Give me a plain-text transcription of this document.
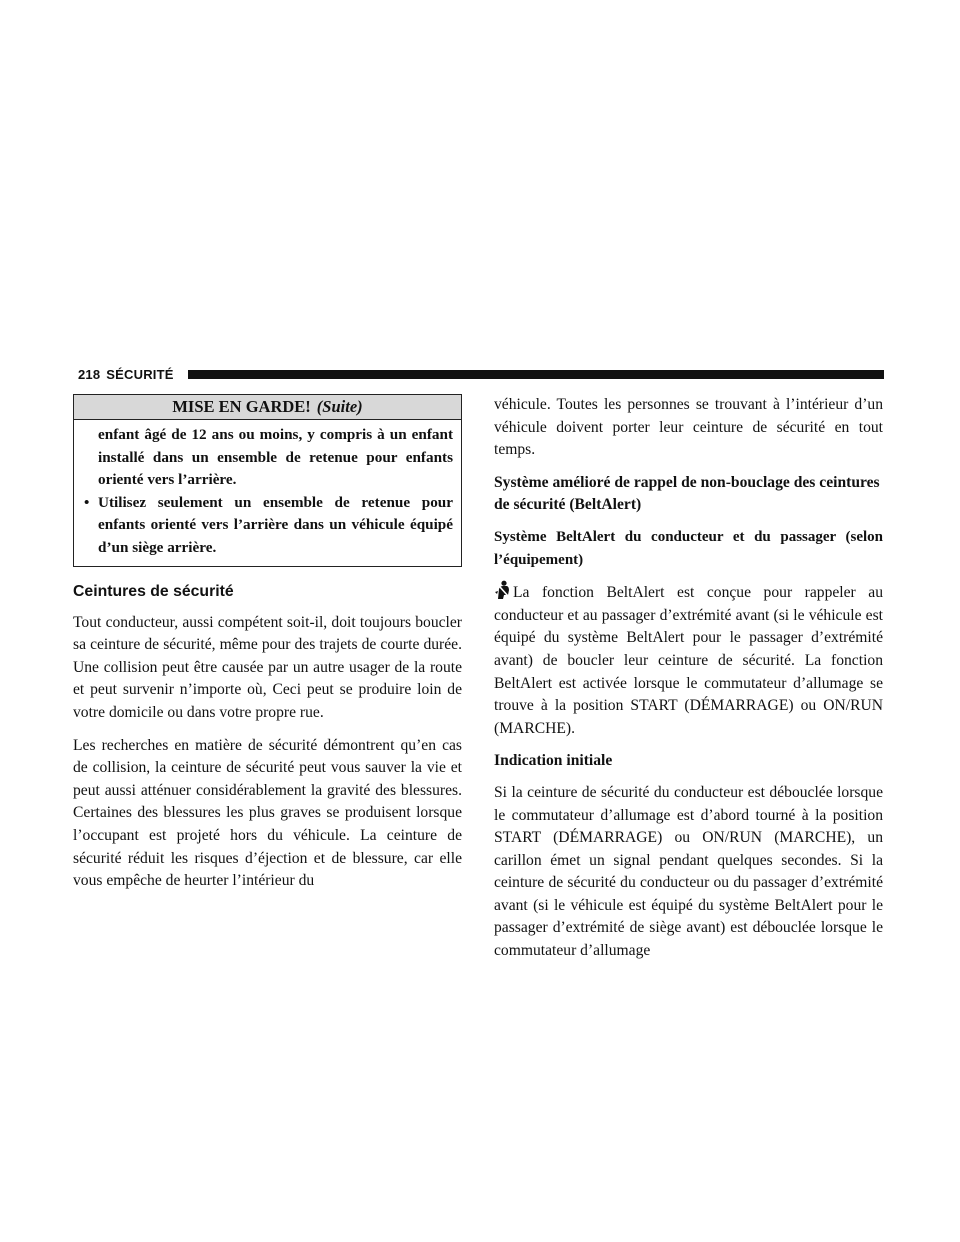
218 SÉCURITÉ
MISE EN GARDE! (Suite)

enfant âgé de 12 ans ou moins, y compris à un enfant installé dans un ensemble de retenue pour enfants orienté vers l’arrière.

• Utilisez seulement un ensemble de retenue pour enfants orienté vers l’arrière dans un véhicule équipé d’un siège arrière.

Ceintures de sécurité

Tout conducteur, aussi compétent soit-il, doit toujours boucler sa ceinture de sécurité, même pour des trajets de courte durée. Une collision peut être causée par un autre usager de la route et peut survenir n’importe où, Ceci peut se produire loin de votre domicile ou dans votre propre rue.

Les recherches en matière de sécurité démontrent qu’en cas de collision, la ceinture de sécurité peut vous sauver la vie et peut aussi atténuer considérablement la gravité des blessures. Certaines des blessures les plus graves se produisent lorsque l’occupant est projeté hors du véhicule. La ceinture de sécurité réduit les risques d’éjection et de blessure, car elle vous empêche de heurter l’intérieur du

véhicule. Toutes les personnes se trouvant à l’intérieur d’un véhicule doivent porter leur ceinture de sécurité en tout temps.

Système amélioré de rappel de non-bouclage des ceintures de sécurité (BeltAlert)
Système BeltAlert du conducteur et du passager (selon l’équipement)

La fonction BeltAlert est conçue pour rappeler au conducteur et au passager d’extrémité avant (si le véhicule est équipé du système BeltAlert pour le passager d’extrémité avant) de boucler leur ceinture de sécurité. La fonction BeltAlert est activée lorsque le commutateur d’allumage se trouve à la position START (DÉMARRAGE) ou ON/RUN (MARCHE).

Indication initiale

Si la ceinture de sécurité du conducteur est débouclée lorsque le commutateur d’allumage est d’abord tourné à la position START (DÉMARRAGE) ou ON/RUN (MARCHE), un carillon émet un signal pendant quelques secondes. Si la ceinture de sécurité du conducteur ou du passager d’extrémité avant (si le véhicule est équipé du système BeltAlert pour le passager d’extrémité de siège avant) est débouclée lorsque le commutateur d’allumage
